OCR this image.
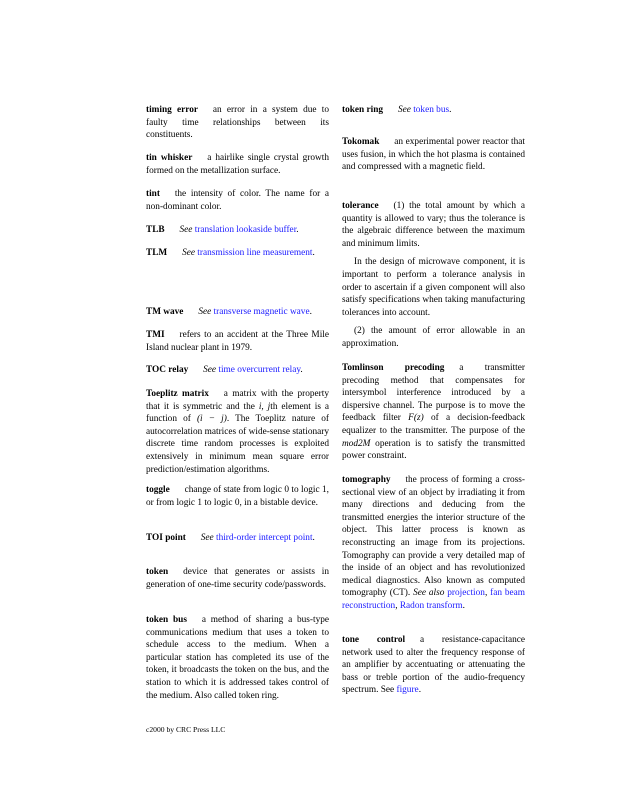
timing error an error in a system due to faulty time relationships between its constituents.
tin whisker a hairlike single crystal growth formed on the metallization surface.
tint the intensity of color. The name for a non-dominant color.
TLB See translation lookaside buffer.
TLM See transmission line measurement.
TM wave See transverse magnetic wave.
TMI refers to an accident at the Three Mile Island nuclear plant in 1979.
TOC relay See time overcurrent relay.
Toeplitz matrix a matrix with the property that it is symmetric and the i, jth element is a function of (i − j). The Toeplitz nature of autocorrelation matrices of wide-sense stationary discrete time random processes is exploited extensively in minimum mean square error prediction/estimation algorithms.
toggle change of state from logic 0 to logic 1, or from logic 1 to logic 0, in a bistable device.
TOI point See third-order intercept point.
token device that generates or assists in generation of one-time security code/passwords.
token bus a method of sharing a bus-type communications medium that uses a token to schedule access to the medium. When a particular station has completed its use of the token, it broadcasts the token on the bus, and the station to which it is addressed takes control of the medium. Also called token ring.
token ring See token bus.
Tokomak an experimental power reactor that uses fusion, in which the hot plasma is contained and compressed with a magnetic field.

tolerance (1) the total amount by which a quantity is allowed to vary; thus the tolerance is the algebraic difference between the maximum and minimum limits.

In the design of microwave component, it is important to perform a tolerance analysis in order to ascertain if a given component will also satisfy specifications when taking manufacturing tolerances into account.

(2) the amount of error allowable in an approximation.

Tomlinson precoding a transmitter precoding method that compensates for intersymbol interference introduced by a dispersive channel. The purpose is to move the feedback filter F(z) of a decision-feedback equalizer to the transmitter. The purpose of the mod2M operation is to satisfy the transmitted power constraint.
tomography the process of forming a cross-sectional view of an object by irradiating it from many directions and deducing from the transmitted energies the interior structure of the object. This latter process is known as reconstructing an image from its projections. Tomography can provide a very detailed map of the inside of an object and has revolutionized medical diagnostics. Also known as computed tomography (CT). See also projection, fan beam reconstruction, Radon transform.
tone control a resistance-capacitance network used to alter the frequency response of an amplifier by accentuating or attenuating the bass or treble portion of the audio-frequency spectrum. See figure.
c2000 by CRC Press LLC
